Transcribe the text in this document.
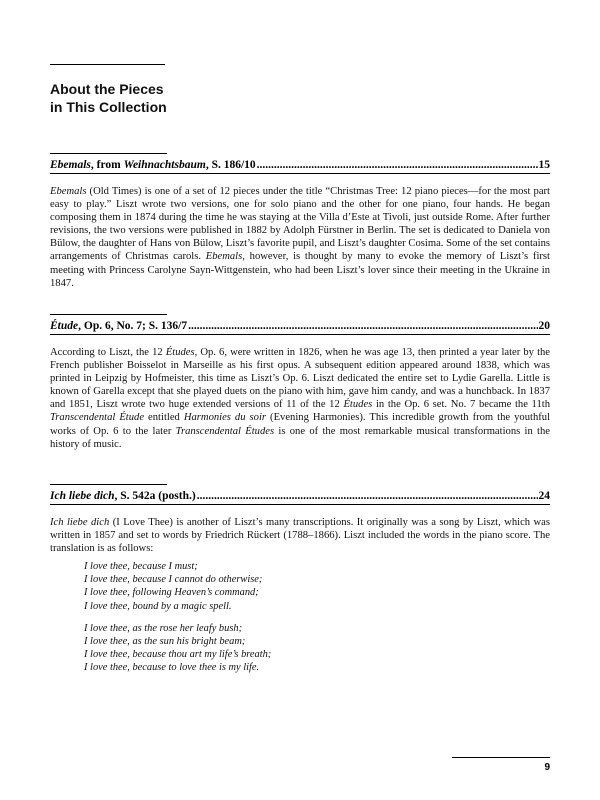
About the Pieces
in This Collection
Ebemals, from Weihnachtsbaum, S. 186/10 .....	15

Ebemals (Old Times) is one of a set of 12 pieces under the title “Christmas Tree: 12 piano pieces—for the most part easy to play.” Liszt wrote two versions, one for solo piano and the other for one piano, four hands. He began composing them in 1874 during the time he was staying at the Villa d’Este at Tivoli, just outside Rome. After further revisions, the two versions were published in 1882 by Adolph Fürstner in Berlin. The set is dedicated to Daniela von Bülow, the daughter of Hans von Bülow, Liszt’s favorite pupil, and Liszt’s daughter Cosima. Some of the set contains arrangements of Christmas carols. Ebemals, however, is thought by many to evoke the memory of Liszt’s first meeting with Princess Carolyne Sayn-Wittgenstein, who had been Liszt’s lover since their meeting in the Ukraine in 1847.

Étude, Op. 6, No. 7; S. 136/7 .....	20

According to Liszt, the 12 Études, Op. 6, were written in 1826, when he was age 13, then printed a year later by the French publisher Boisselot in Marseille as his first opus. A subsequent edition appeared around 1838, which was printed in Leipzig by Hofmeister, this time as Liszt’s Op. 6. Liszt dedicated the entire set to Lydie Garella. Little is known of Garella except that she played duets on the piano with him, gave him candy, and was a hunchback. In 1837 and 1851, Liszt wrote two huge extended versions of 11 of the 12 Études in the Op. 6 set. No. 7 became the 11th Transcendental Étude entitled Harmonies du soir (Evening Harmonies). This incredible growth from the youthful works of Op. 6 to the later Transcendental Études is one of the most remarkable musical transformations in the history of music.

Ich liebe dich, S. 542a (posth.) .....	24

Ich liebe dich (I Love Thee) is another of Liszt’s many transcriptions. It originally was a song by Liszt, which was written in 1857 and set to words by Friedrich Rückert (1788–1866). Liszt included the words in the piano score. The translation is as follows:

I love thee, because I must;
I love thee, because I cannot do otherwise;
I love thee, following Heaven’s command;
I love thee, bound by a magic spell.
I love thee, as the rose her leafy bush;
I love thee, as the sun his bright beam;
I love thee, because thou art my life’s breath;
I love thee, because to love thee is my life.
9
